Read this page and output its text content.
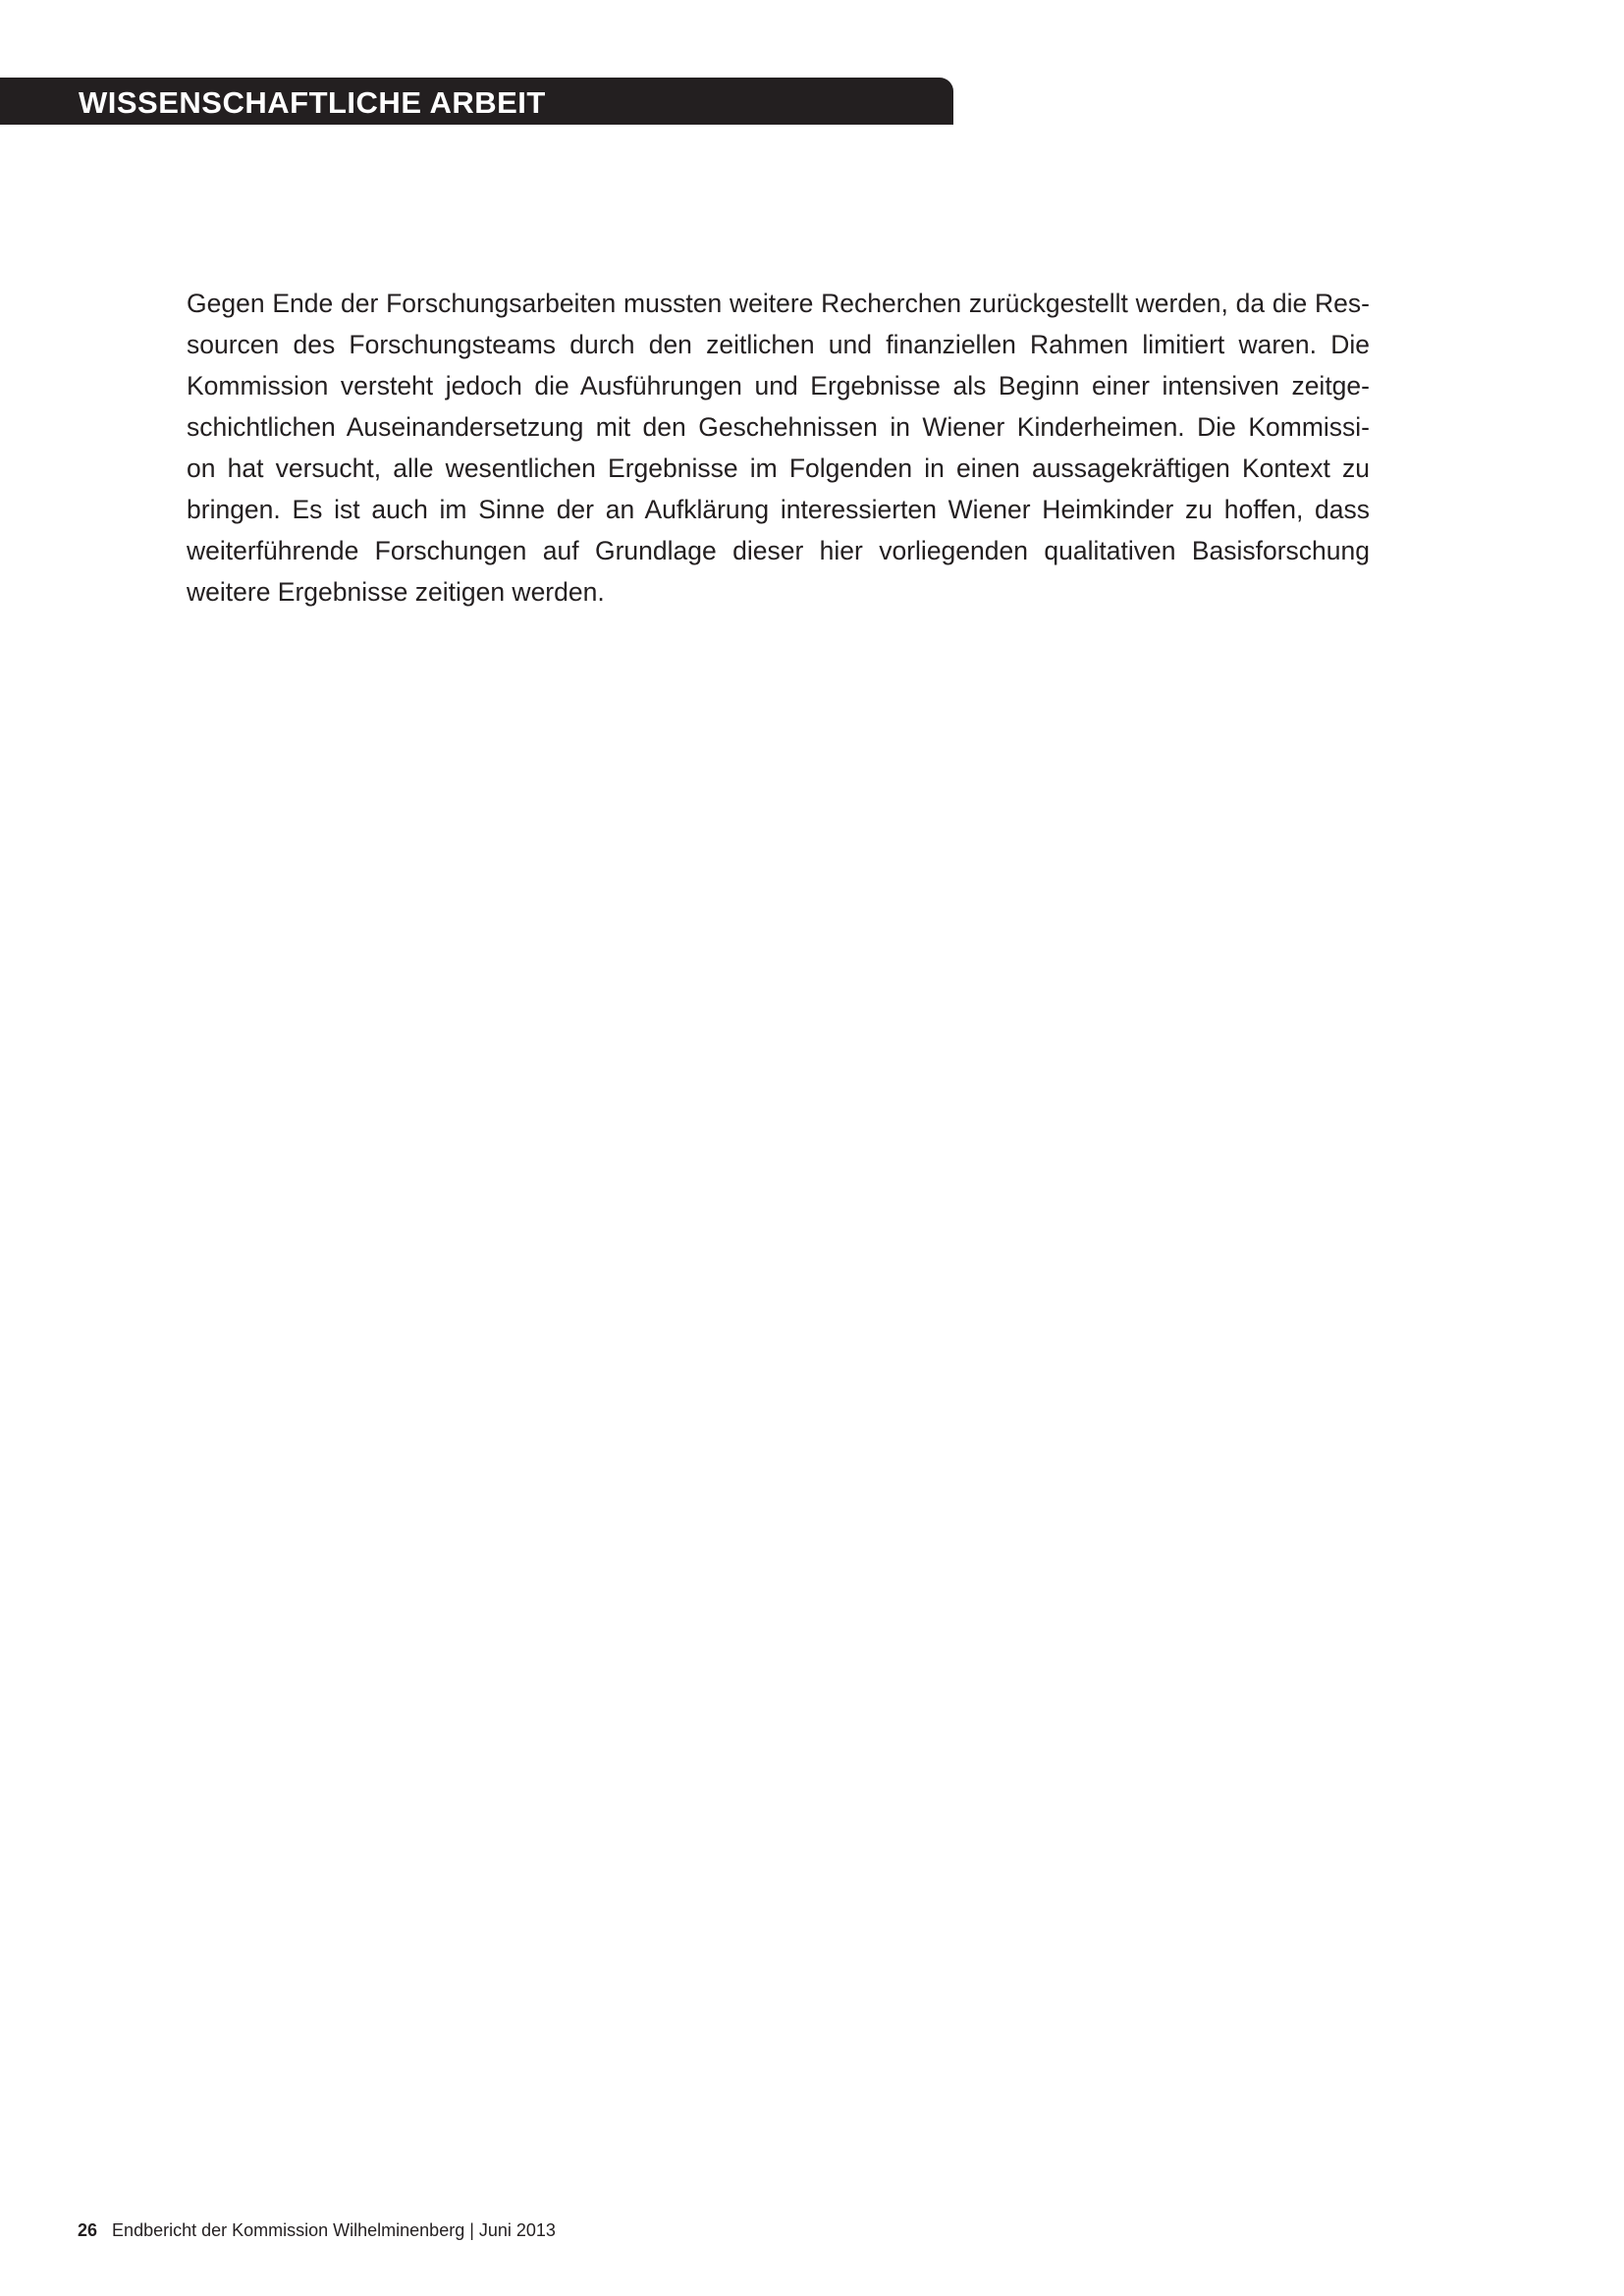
WISSENSCHAFTLICHE ARBEIT
Gegen Ende der Forschungsarbeiten mussten weitere Recherchen zurückgestellt werden, da die Res-
sourcen des Forschungsteams durch den zeitlichen und finanziellen Rahmen limitiert waren. Die
Kommission versteht jedoch die Ausführungen und Ergebnisse als Beginn einer intensiven zeitge-
schichtlichen Auseinandersetzung mit den Geschehnissen in Wiener Kinderheimen. Die Kommissi-
on hat versucht, alle wesentlichen Ergebnisse im Folgenden in einen aussagekräftigen Kontext zu
bringen. Es ist auch im Sinne der an Aufklärung interessierten Wiener Heimkinder zu hoffen, dass
weiterführende Forschungen auf Grundlage dieser hier vorliegenden qualitativen Basisforschung
weitere Ergebnisse zeitigen werden.
26 Endbericht der Kommission Wilhelminenberg | Juni 2013
